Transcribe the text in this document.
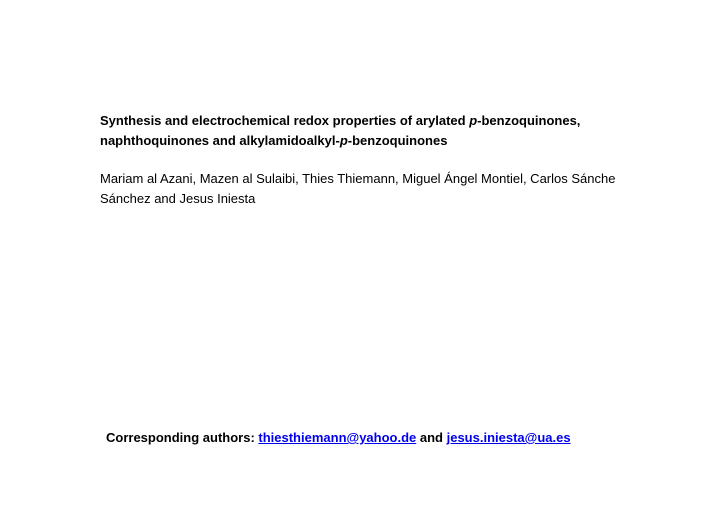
Synthesis and electrochemical redox properties of arylated p-benzoquinones, naphthoquinones and alkylamidoalkyl-p-benzoquinones
Mariam al Azani, Mazen al Sulaibi, Thies Thiemann, Miguel Ángel Montiel, Carlos Sánche Sánchez and Jesus Iniesta
Corresponding authors: thiesthiemann@yahoo.de and jesus.iniesta@ua.es
